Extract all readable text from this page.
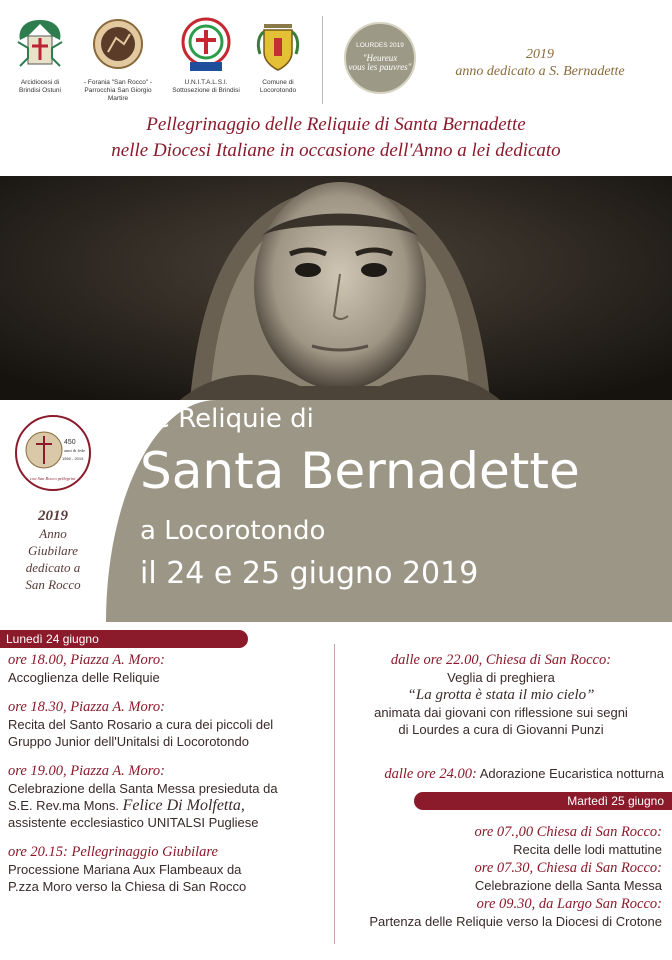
Arcidiocesi di
Brindisi Ostuni
- Forania "San Rocco" -
Parrocchia San Giorgio Martire
U.N.I.T.A.L.S.I.
Sottosezione di Brindisi
Comune di
Locorotondo
LOURDES 2019
"Heureux
vous les pauvres"
2019
anno dedicato a S. Bernadette
Pellegrinaggio delle Reliquie di Santa Bernadette
nelle Diocesi Italiane in occasione dell'Anno a lei dedicato
450
anni di fede
1569 - 2019
con San Rocco pellegrini
2019
Anno
Giubilare
dedicato a
San Rocco
Le Reliquie di
Santa Bernadette
a Locorotondo
il 24 e 25 giugno 2019
Lunedì 24 giugno
ore 18.00, Piazza A. Moro:
Accoglienza delle Reliquie
ore 18.30, Piazza A. Moro:
Recita del Santo Rosario a cura dei piccoli del
Gruppo Junior dell'Unitalsi di Locorotondo
ore 19.00, Piazza A. Moro:
Celebrazione della Santa Messa presieduta da
S.E. Rev.ma Mons. Felice Di Molfetta,
assistente ecclesiastico UNITALSI Pugliese
ore 20.15: Pellegrinaggio Giubilare
Processione Mariana Aux Flambeaux da
P.zza Moro verso la Chiesa di San Rocco
dalle ore 22.00, Chiesa di San Rocco:
Veglia di preghiera
“La grotta è stata il mio cielo”
animata dai giovani con riflessione sui segni
di Lourdes a cura di Giovanni Punzi
dalle ore 24.00: Adorazione Eucaristica notturna
Martedì 25 giugno
ore 07.,00 Chiesa di San Rocco:
Recita delle lodi mattutine
ore 07.30, Chiesa di San Rocco:
Celebrazione della Santa Messa
ore 09.30, da Largo San Rocco:
Partenza delle Reliquie verso la Diocesi di Crotone
